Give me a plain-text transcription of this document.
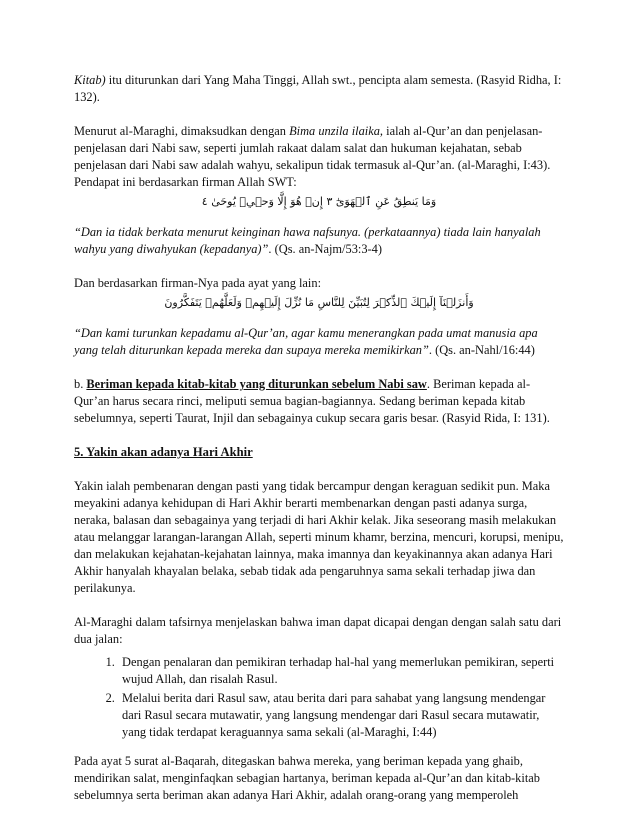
Kitab) itu diturunkan dari Yang Maha Tinggi, Allah swt., pencipta alam semesta. (Rasyid Ridha, I: 132).

Menurut al-Maraghi, dimaksudkan dengan Bima unzila ilaika, ialah al-Qur’an dan penjelasan-penjelasan dari Nabi saw, seperti jumlah rakaat dalam salat dan hukuman kejahatan, sebab penjelasan dari Nabi saw adalah wahyu, sekalipun tidak termasuk al-Qur’an. (al-Maraghi, I:43). Pendapat ini berdasarkan firman Allah SWT:

وَمَا يَنطِقُ عَنِ ٱلۡهَوَىٰٓ ٣ إِنۡ هُوَ إِلَّا وَحۡيٞ يُوحَىٰ ٤

“Dan ia tidak berkata menurut keinginan hawa nafsunya. (perkataannya) tiada lain hanyalah wahyu yang diwahyukan (kepadanya)”. (Qs. an-Najm/53:3-4)

Dan berdasarkan firman-Nya pada ayat yang lain:

وَأَنزَلۡنَآ إِلَيۡكَ ٱلذِّكۡرَ لِتُبَيِّنَ لِلنَّاسِ مَا نُزِّلَ إِلَيۡهِمۡ وَلَعَلَّهُمۡ يَتَفَكَّرُونَ

“Dan kami turunkan kepadamu al-Qur’an, agar kamu menerangkan pada umat manusia apa yang telah diturunkan kepada mereka dan supaya mereka memikirkan”. (Qs. an-Nahl/16:44)

b. Beriman kepada kitab-kitab yang diturunkan sebelum Nabi saw. Beriman kepada al-Qur’an harus secara rinci, meliputi semua bagian-bagiannya. Sedang beriman kepada kitab sebelumnya, seperti Taurat, Injil dan sebagainya cukup secara garis besar. (Rasyid Rida, I: 131).

5. Yakin akan adanya Hari Akhir

Yakin ialah pembenaran dengan pasti yang tidak bercampur dengan keraguan sedikit pun. Maka meyakini adanya kehidupan di Hari Akhir berarti membenarkan dengan pasti adanya surga, neraka, balasan dan sebagainya yang terjadi di hari Akhir kelak. Jika seseorang masih melakukan atau melanggar larangan-larangan Allah, seperti minum khamr, berzina, mencuri, korupsi, menipu, dan melakukan kejahatan-kejahatan lainnya, maka imannya dan keyakinannya akan adanya Hari Akhir hanyalah khayalan belaka, sebab tidak ada pengaruhnya sama sekali terhadap jiwa dan perilakunya.

Al-Maraghi dalam tafsirnya menjelaskan bahwa iman dapat dicapai dengan dengan salah satu dari dua jalan:

1. Dengan penalaran dan pemikiran terhadap hal-hal yang memerlukan pemikiran, seperti wujud Allah, dan risalah Rasul.
2. Melalui berita dari Rasul saw, atau berita dari para sahabat yang langsung mendengar dari Rasul secara mutawatir, yang langsung mendengar dari Rasul secara mutawatir, yang tidak terdapat keraguannya sama sekali (al-Maraghi, I:44)

Pada ayat 5 surat al-Baqarah, ditegaskan bahwa mereka, yang beriman kepada yang ghaib, mendirikan salat, menginfaqkan sebagian hartanya, beriman kepada al-Qur’an dan kitab-kitab sebelumnya serta beriman akan adanya Hari Akhir, adalah orang-orang yang memperoleh
